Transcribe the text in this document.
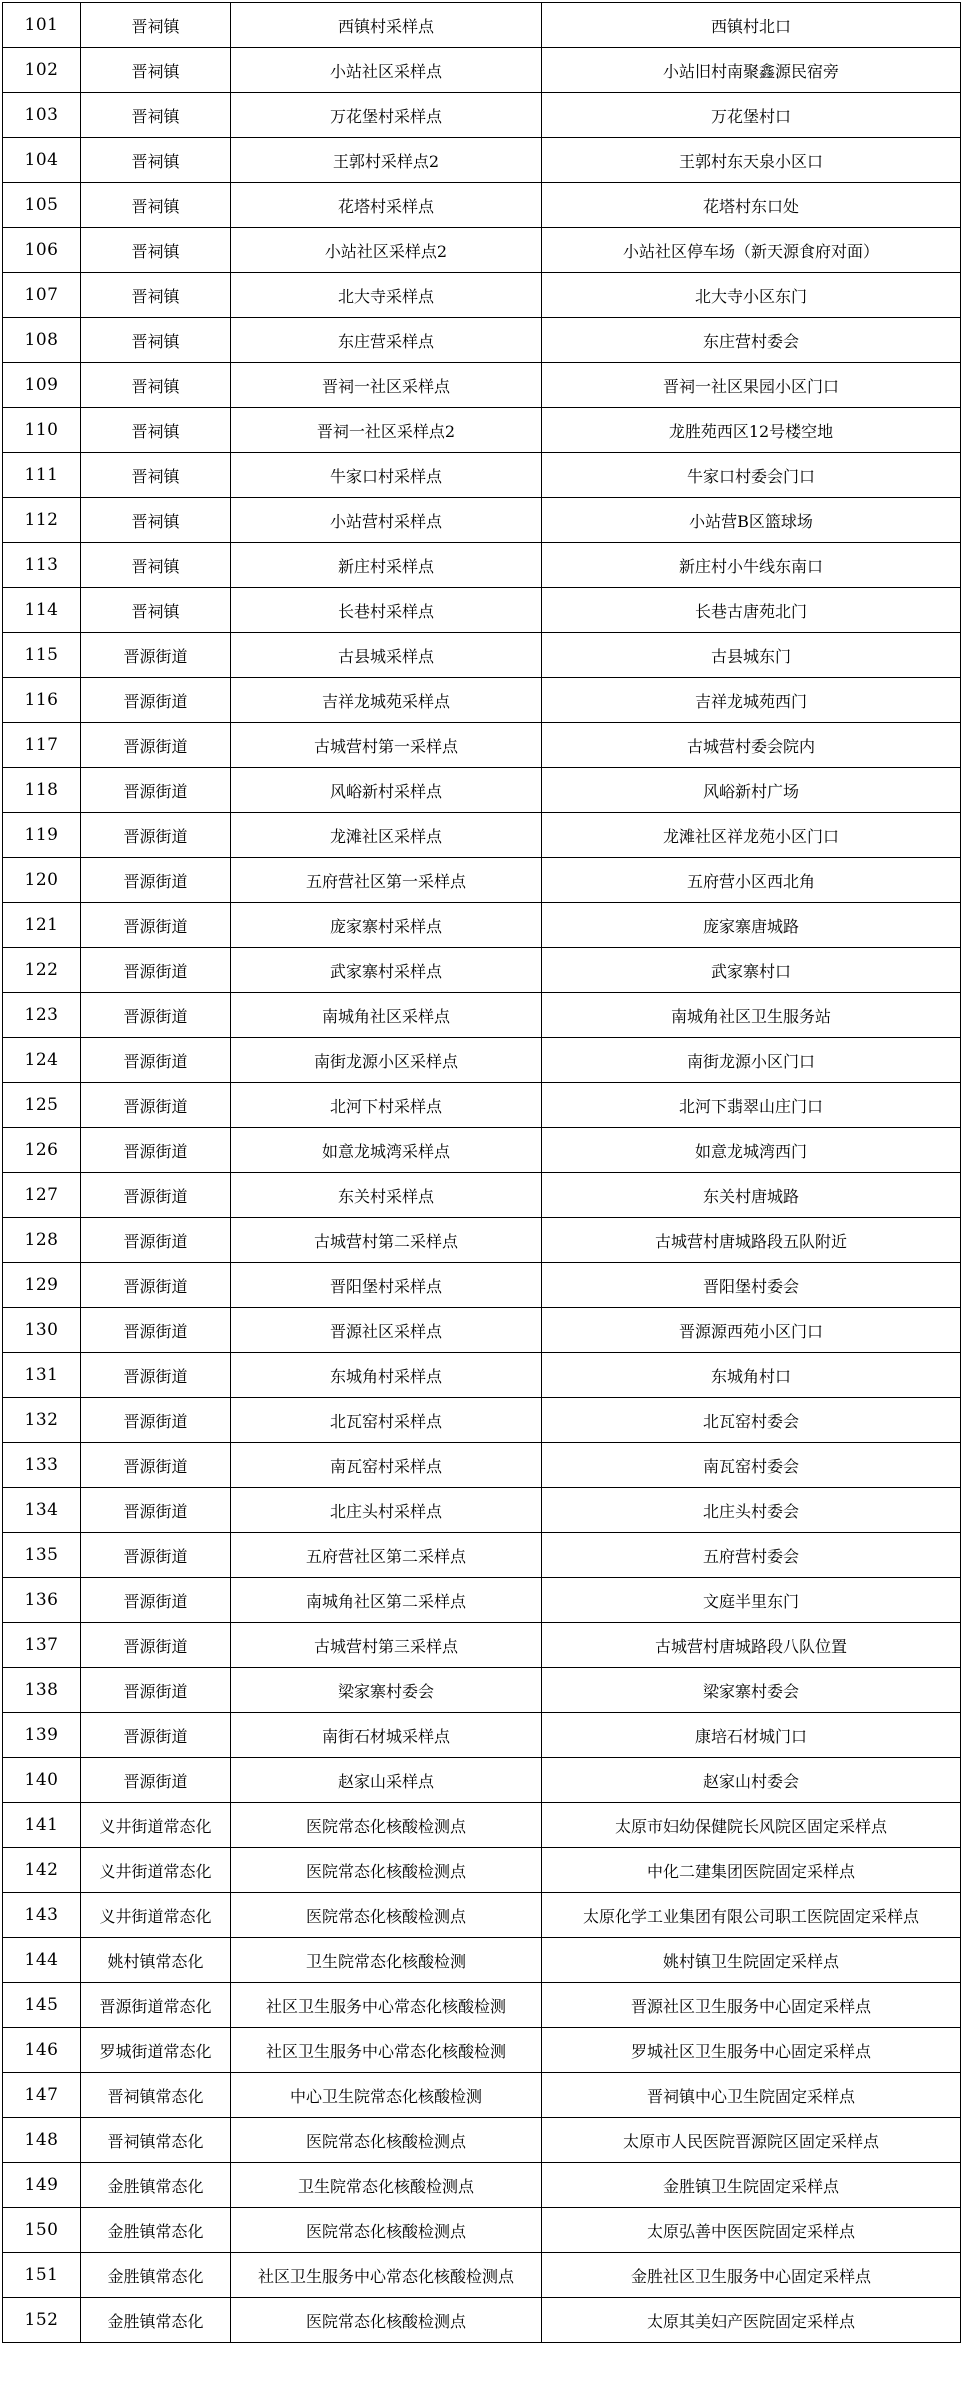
101	晋祠镇	西镇村采样点	西镇村北口
102	晋祠镇	小站社区采样点	小站旧村南聚鑫源民宿旁
103	晋祠镇	万花堡村采样点	万花堡村口
104	晋祠镇	王郭村采样点2	王郭村东天泉小区口
105	晋祠镇	花塔村采样点	花塔村东口处
106	晋祠镇	小站社区采样点2	小站社区停车场（新天源食府对面）
107	晋祠镇	北大寺采样点	北大寺小区东门
108	晋祠镇	东庄营采样点	东庄营村委会
109	晋祠镇	晋祠一社区采样点	晋祠一社区果园小区门口
110	晋祠镇	晋祠一社区采样点2	龙胜苑西区12号楼空地
111	晋祠镇	牛家口村采样点	牛家口村委会门口
112	晋祠镇	小站营村采样点	小站营B区篮球场
113	晋祠镇	新庄村采样点	新庄村小牛线东南口
114	晋祠镇	长巷村采样点	长巷古唐苑北门
115	晋源街道	古县城采样点	古县城东门
116	晋源街道	吉祥龙城苑采样点	吉祥龙城苑西门
117	晋源街道	古城营村第一采样点	古城营村委会院内
118	晋源街道	风峪新村采样点	风峪新村广场
119	晋源街道	龙滩社区采样点	龙滩社区祥龙苑小区门口
120	晋源街道	五府营社区第一采样点	五府营小区西北角
121	晋源街道	庞家寨村采样点	庞家寨唐城路
122	晋源街道	武家寨村采样点	武家寨村口
123	晋源街道	南城角社区采样点	南城角社区卫生服务站
124	晋源街道	南街龙源小区采样点	南街龙源小区门口
125	晋源街道	北河下村采样点	北河下翡翠山庄门口
126	晋源街道	如意龙城湾采样点	如意龙城湾西门
127	晋源街道	东关村采样点	东关村唐城路
128	晋源街道	古城营村第二采样点	古城营村唐城路段五队附近
129	晋源街道	晋阳堡村采样点	晋阳堡村委会
130	晋源街道	晋源社区采样点	晋源源西苑小区门口
131	晋源街道	东城角村采样点	东城角村口
132	晋源街道	北瓦窑村采样点	北瓦窑村委会
133	晋源街道	南瓦窑村采样点	南瓦窑村委会
134	晋源街道	北庄头村采样点	北庄头村委会
135	晋源街道	五府营社区第二采样点	五府营村委会
136	晋源街道	南城角社区第二采样点	文庭半里东门
137	晋源街道	古城营村第三采样点	古城营村唐城路段八队位置
138	晋源街道	梁家寨村委会	梁家寨村委会
139	晋源街道	南街石材城采样点	康培石材城门口
140	晋源街道	赵家山采样点	赵家山村委会
141	义井街道常态化	医院常态化核酸检测点	太原市妇幼保健院长风院区固定采样点
142	义井街道常态化	医院常态化核酸检测点	中化二建集团医院固定采样点
143	义井街道常态化	医院常态化核酸检测点	太原化学工业集团有限公司职工医院固定采样点
144	姚村镇常态化	卫生院常态化核酸检测	姚村镇卫生院固定采样点
145	晋源街道常态化	社区卫生服务中心常态化核酸检测	晋源社区卫生服务中心固定采样点
146	罗城街道常态化	社区卫生服务中心常态化核酸检测	罗城社区卫生服务中心固定采样点
147	晋祠镇常态化	中心卫生院常态化核酸检测	晋祠镇中心卫生院固定采样点
148	晋祠镇常态化	医院常态化核酸检测点	太原市人民医院晋源院区固定采样点
149	金胜镇常态化	卫生院常态化核酸检测点	金胜镇卫生院固定采样点
150	金胜镇常态化	医院常态化核酸检测点	太原弘善中医医院固定采样点
151	金胜镇常态化	社区卫生服务中心常态化核酸检测点	金胜社区卫生服务中心固定采样点
152	金胜镇常态化	医院常态化核酸检测点	太原其美妇产医院固定采样点
